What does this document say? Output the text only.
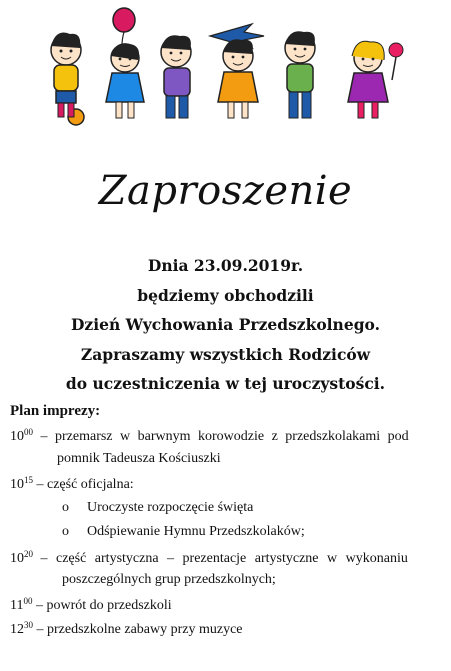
Zaproszenie
Dnia 23.09.2019r.
będziemy obchodzili
Dzień Wychowania Przedszkolnego.
Zapraszamy wszystkich Rodziców
do uczestniczenia w tej uroczystości.
Plan imprezy:
$10^{00}$ – przemarsz w barwnym korowodzie z przedszkolakami pod
pomnik Tadeusza Kościuszki
$10^{15}$ – część oficjalna:
o Uroczyste rozpoczęcie święta
o Odśpiewanie Hymnu Przedszkolaków;
$10^{20}$ – część artystyczna – prezentacje artystyczne w wykonaniu
poszczególnych grup przedszkolnych;
$11^{00}$ – powrót do przedszkoli
$12^{30}$ – przedszkolne zabawy przy muzyce
